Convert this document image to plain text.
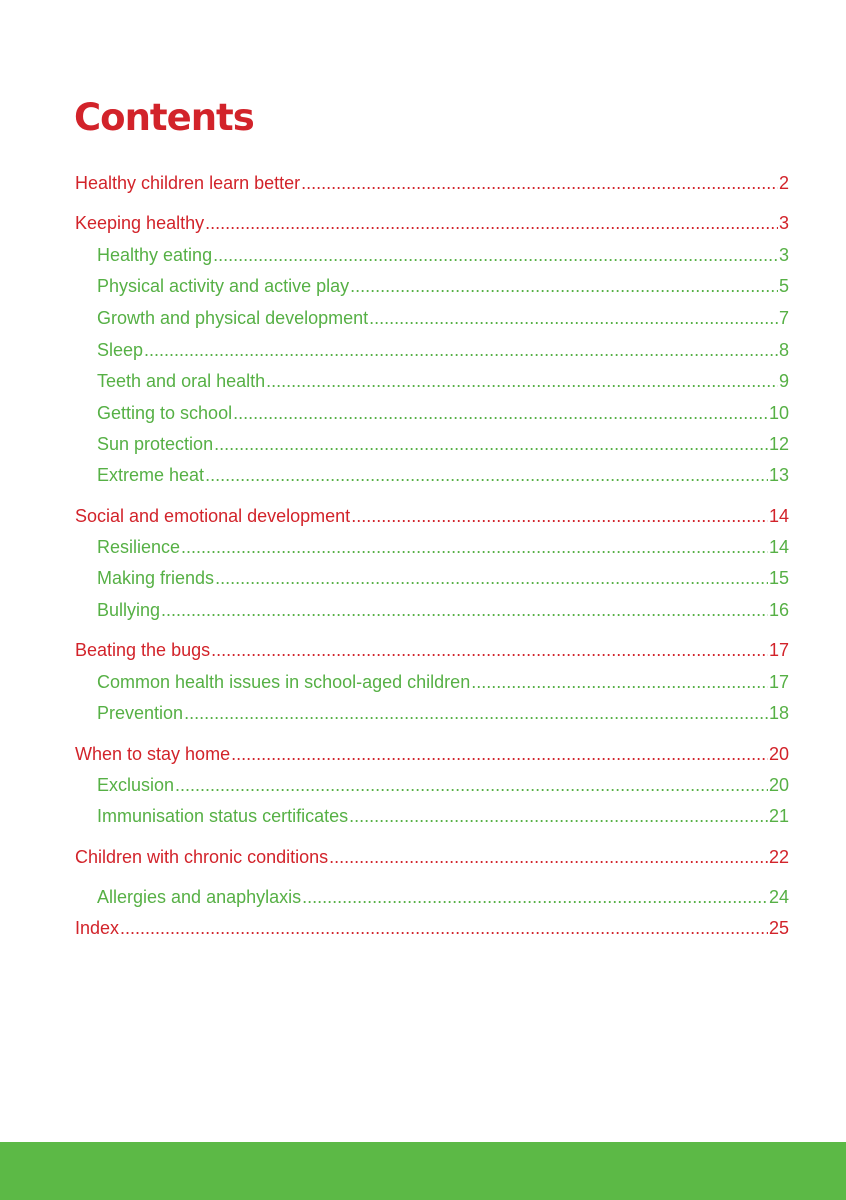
Contents
Healthy children learn better .....	2
Keeping healthy .....	3
Healthy eating .....	3
Physical activity and active play .....	5
Growth and physical development .....	7
Sleep .....	8
Teeth and oral health .....	9
Getting to school .....	10
Sun protection .....	12
Extreme heat .....	13
Social and emotional development .....	14
Resilience .....	14
Making friends .....	15
Bullying .....	16
Beating the bugs .....	17
Common health issues in school-aged children .....	17
Prevention .....	18
When to stay home .....	20
Exclusion .....	20
Immunisation status certificates .....	21
Children with chronic conditions .....	22
Allergies and anaphylaxis .....	24
Index .....	25
